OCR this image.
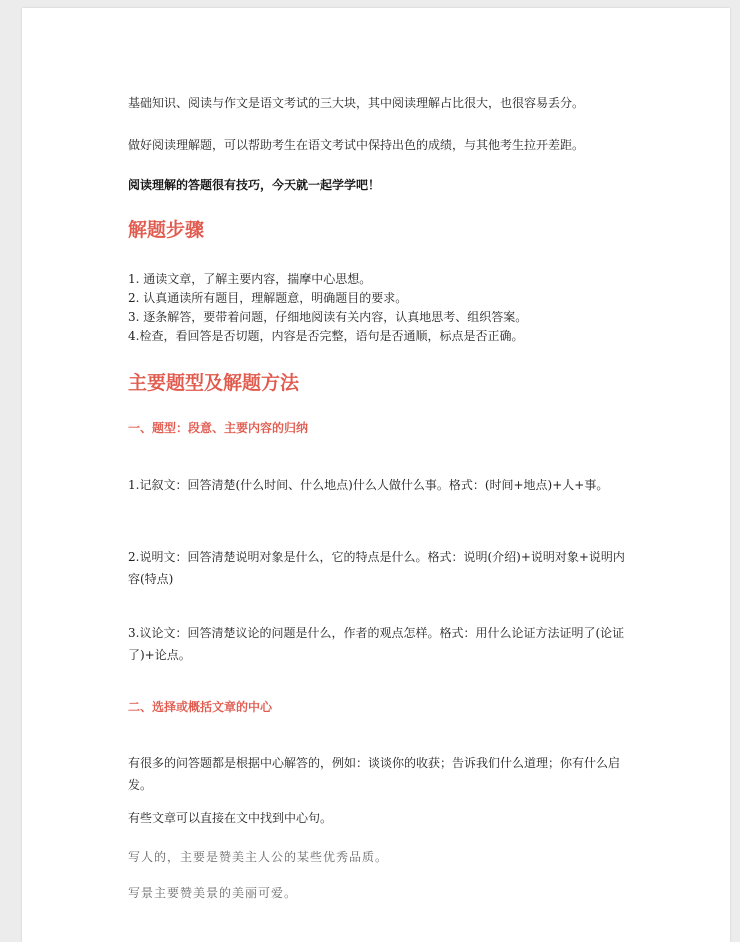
基础知识、阅读与作文是语文考试的三大块，其中阅读理解占比很大，也很容易丢分。

做好阅读理解题，可以帮助考生在语文考试中保持出色的成绩，与其他考生拉开差距。

阅读理解的答题很有技巧，今天就一起学学吧！

解题步骤
1. 通读文章，了解主要内容，揣摩中心思想。
2. 认真通读所有题目，理解题意，明确题目的要求。
3. 逐条解答，要带着问题，仔细地阅读有关内容，认真地思考、组织答案。
4.检查，看回答是否切题，内容是否完整，语句是否通顺，标点是否正确。
主要题型及解题方法
一、题型：段意、主要内容的归纳

1.记叙文：回答清楚(什么时间、什么地点)什么人做什么事。格式：(时间+地点)+人+事。

2.说明文：回答清楚说明对象是什么，它的特点是什么。格式：说明(介绍)+说明对象+说明内容(特点)

3.议论文：回答清楚议论的问题是什么，作者的观点怎样。格式：用什么论证方法证明了(论证了)+论点。

二、选择或概括文章的中心

有很多的问答题都是根据中心解答的，例如：谈谈你的收获；告诉我们什么道理；你有什么启发。

有些文章可以直接在文中找到中心句。

写人的，主要是赞美主人公的某些优秀品质。

写景主要赞美景的美丽可爱。
